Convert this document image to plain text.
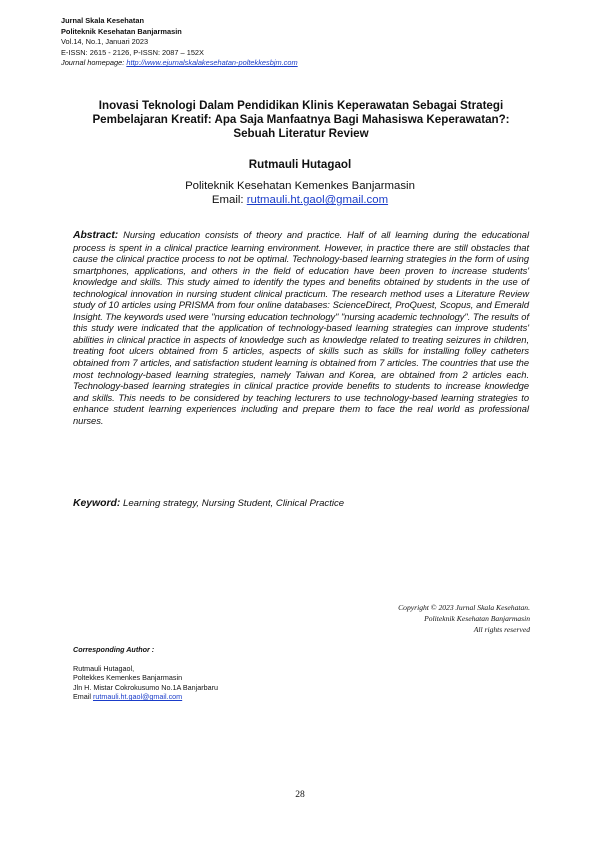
Jurnal Skala Kesehatan
Politeknik Kesehatan Banjarmasin
Vol.14, No.1, Januari 2023
E-ISSN: 2615 - 2126, P-ISSN: 2087 – 152X
Journal homepage: http://www.ejurnalskalakesehatan-poltekkesbjm.com
Inovasi Teknologi Dalam Pendidikan Klinis Keperawatan Sebagai Strategi Pembelajaran Kreatif: Apa Saja Manfaatnya Bagi Mahasiswa Keperawatan?: Sebuah Literatur Review
Rutmauli Hutagaol
Politeknik Kesehatan Kemenkes Banjarmasin
Email: rutmauli.ht.gaol@gmail.com
Abstract: Nursing education consists of theory and practice. Half of all learning during the educational process is spent in a clinical practice learning environment. However, in practice there are still obstacles that cause the clinical practice process to not be optimal. Technology-based learning strategies in the form of using smartphones, applications, and others in the field of education have been proven to increase students' knowledge and skills. This study aimed to identify the types and benefits obtained by students in the use of technological innovation in nursing student clinical practicum. The research method uses a Literature Review study of 10 articles using PRISMA from four online databases: ScienceDirect, ProQuest, Scopus, and Emerald Insight. The keywords used were "nursing education technology" "nursing academic technology". The results of this study were indicated that the application of technology-based learning strategies can improve students' abilities in clinical practice in aspects of knowledge such as knowledge related to treating seizures in children, treating foot ulcers obtained from 5 articles, aspects of skills such as skills for installing folley catheters obtained from 7 articles, and satisfaction student learning is obtained from 7 articles. The countries that use the most technology-based learning strategies, namely Taiwan and Korea, are obtained from 2 articles each. Technology-based learning strategies in clinical practice provide benefits to students to increase knowledge and skills. This needs to be considered by teaching lecturers to use technology-based learning strategies to enhance student learning experiences including and prepare them to face the real world as professional nurses.
Keyword: Learning strategy, Nursing Student, Clinical Practice
Copyright © 2023 Jurnal Skala Kesehatan.
Politeknik Kesehatan Banjarmasin
All rights reserved
Corresponding Author :
Rutmauli Hutagaol,
Poltekkes Kemenkes Banjarmasin
Jln H. Mistar Cokrokusumo No.1A Banjarbaru
Email rutmauli.ht.gaol@gmail.com
28
